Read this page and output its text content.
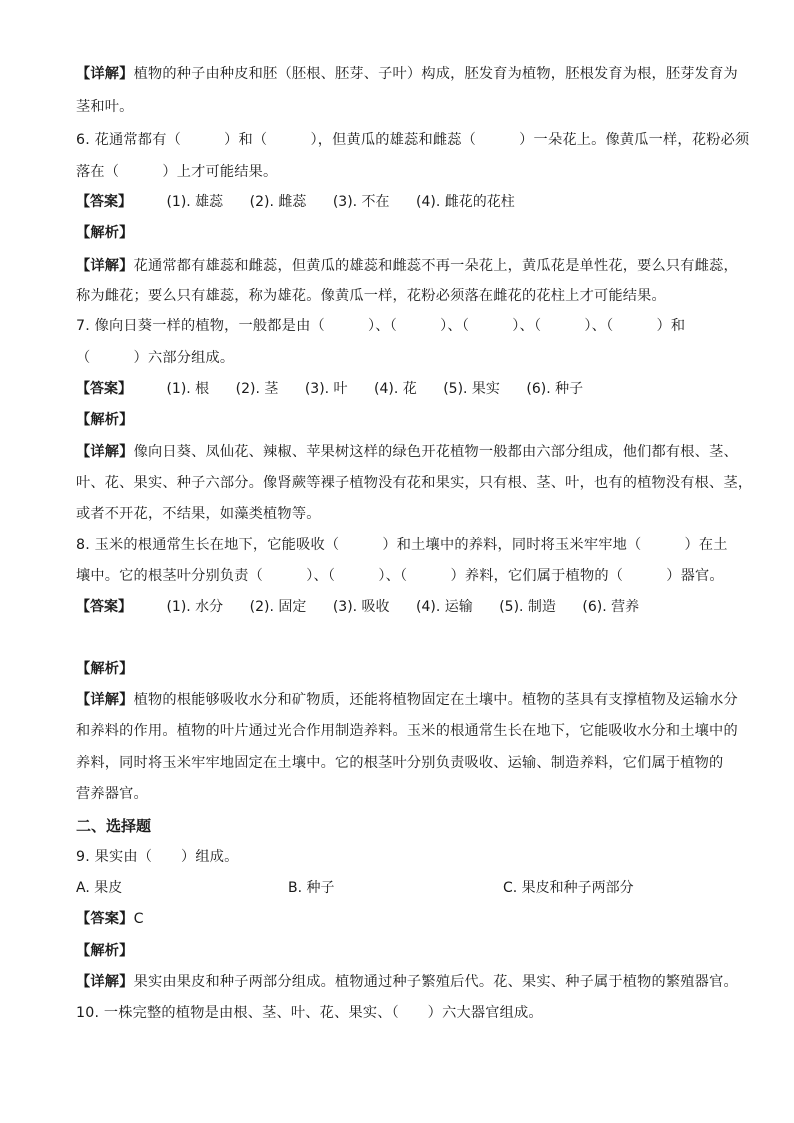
【详解】植物的种子由种皮和胚（胚根、胚芽、子叶）构成，胚发育为植物，胚根发育为根，胚芽发育为
茎和叶。
6. 花通常都有（　　　）和（　　　），但黄瓜的雄蕊和雌蕊（　　　）一朵花上。像黄瓜一样，花粉必须
落在（　　　）上才可能结果。
【答案】 (1). 雄蕊 (2). 雌蕊 (3). 不在 (4). 雌花的花柱
【解析】
【详解】花通常都有雄蕊和雌蕊，但黄瓜的雄蕊和雌蕊不再一朵花上，黄瓜花是单性花，要么只有雌蕊，
称为雌花；要么只有雄蕊，称为雄花。像黄瓜一样，花粉必须落在雌花的花柱上才可能结果。
7. 像向日葵一样的植物，一般都是由（　　　）、（　　　）、（　　　）、（　　　）、（　　　）和
（　　　）六部分组成。
【答案】 (1). 根 (2). 茎 (3). 叶 (4). 花 (5). 果实 (6). 种子
【解析】
【详解】像向日葵、凤仙花、辣椒、苹果树这样的绿色开花植物一般都由六部分组成，他们都有根、茎、
叶、花、果实、种子六部分。像肾蕨等裸子植物没有花和果实，只有根、茎、叶，也有的植物没有根、茎，
或者不开花，不结果，如藻类植物等。
8. 玉米的根通常生长在地下，它能吸收（　　　）和土壤中的养料，同时将玉米牢牢地（　　　）在土
壤中。它的根茎叶分别负责（　　　）、（　　　）、（　　　）养料，它们属于植物的（　　　）器官。
【答案】 (1). 水分 (2). 固定 (3). 吸收 (4). 运输 (5). 制造 (6). 营养
【解析】
【详解】植物的根能够吸收水分和矿物质，还能将植物固定在土壤中。植物的茎具有支撑植物及运输水分
和养料的作用。植物的叶片通过光合作用制造养料。玉米的根通常生长在地下，它能吸收水分和土壤中的
养料，同时将玉米牢牢地固定在土壤中。它的根茎叶分别负责吸收、运输、制造养料，它们属于植物的
营养器官。
二、选择题
9. 果实由（　　）组成。
A. 果皮	B. 种子	C. 果皮和种子两部分
【答案】C
【解析】
【详解】果实由果皮和种子两部分组成。植物通过种子繁殖后代。花、果实、种子属于植物的繁殖器官。
10. 一株完整的植物是由根、茎、叶、花、果实、（　　）六大器官组成。
